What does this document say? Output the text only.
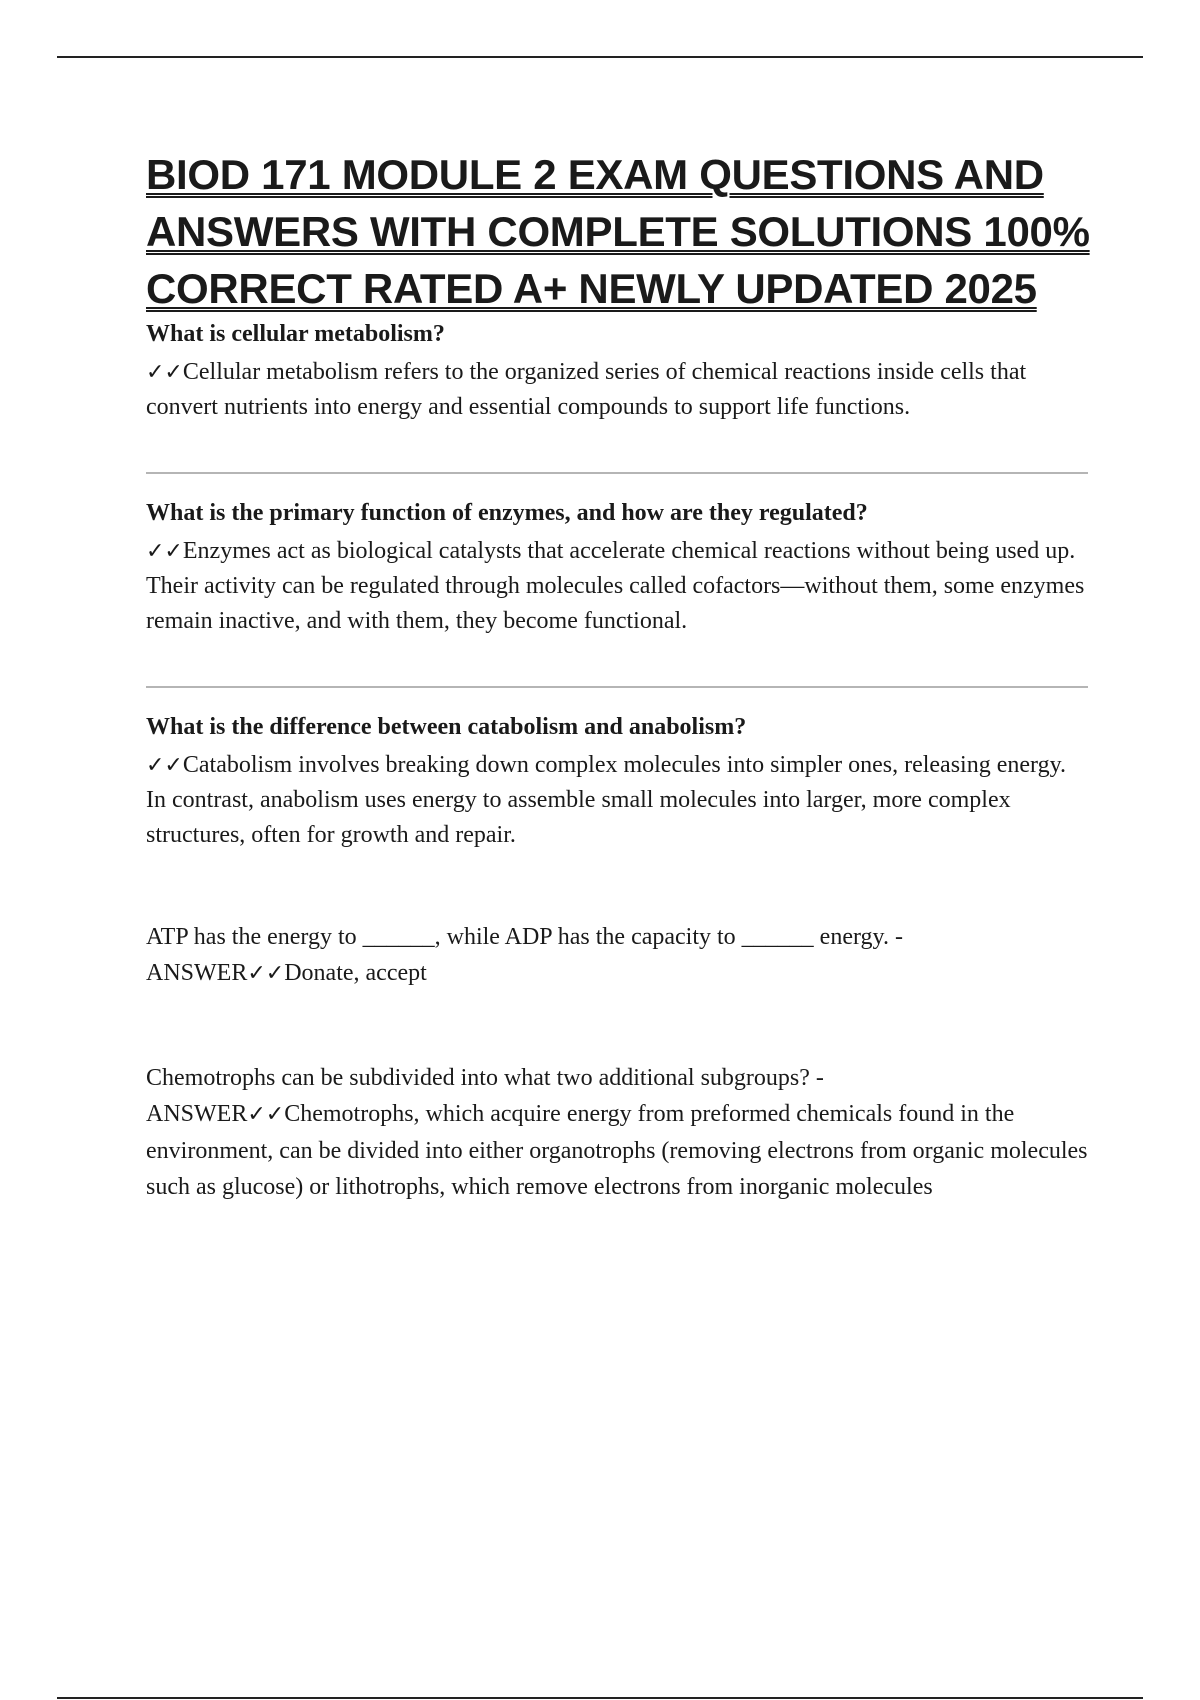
BIOD 171 MODULE 2 EXAM QUESTIONS AND ANSWERS WITH COMPLETE SOLUTIONS 100% CORRECT RATED A+ NEWLY UPDATED 2025

What is cellular metabolism?

✓✓Cellular metabolism refers to the organized series of chemical reactions inside cells that convert nutrients into energy and essential compounds to support life functions.

What is the primary function of enzymes, and how are they regulated?

✓✓Enzymes act as biological catalysts that accelerate chemical reactions without being used up. Their activity can be regulated through molecules called cofactors—without them, some enzymes remain inactive, and with them, they become functional.

What is the difference between catabolism and anabolism?

✓✓Catabolism involves breaking down complex molecules into simpler ones, releasing energy. In contrast, anabolism uses energy to assemble small molecules into larger, more complex structures, often for growth and repair.

ATP has the energy to ______, while ADP has the capacity to ______ energy. - ANSWER✓✓Donate, accept

Chemotrophs can be subdivided into what two additional subgroups? - ANSWER✓✓Chemotrophs, which acquire energy from preformed chemicals found in the environment, can be divided into either organotrophs (removing electrons from organic molecules such as glucose) or lithotrophs, which remove electrons from inorganic molecules
